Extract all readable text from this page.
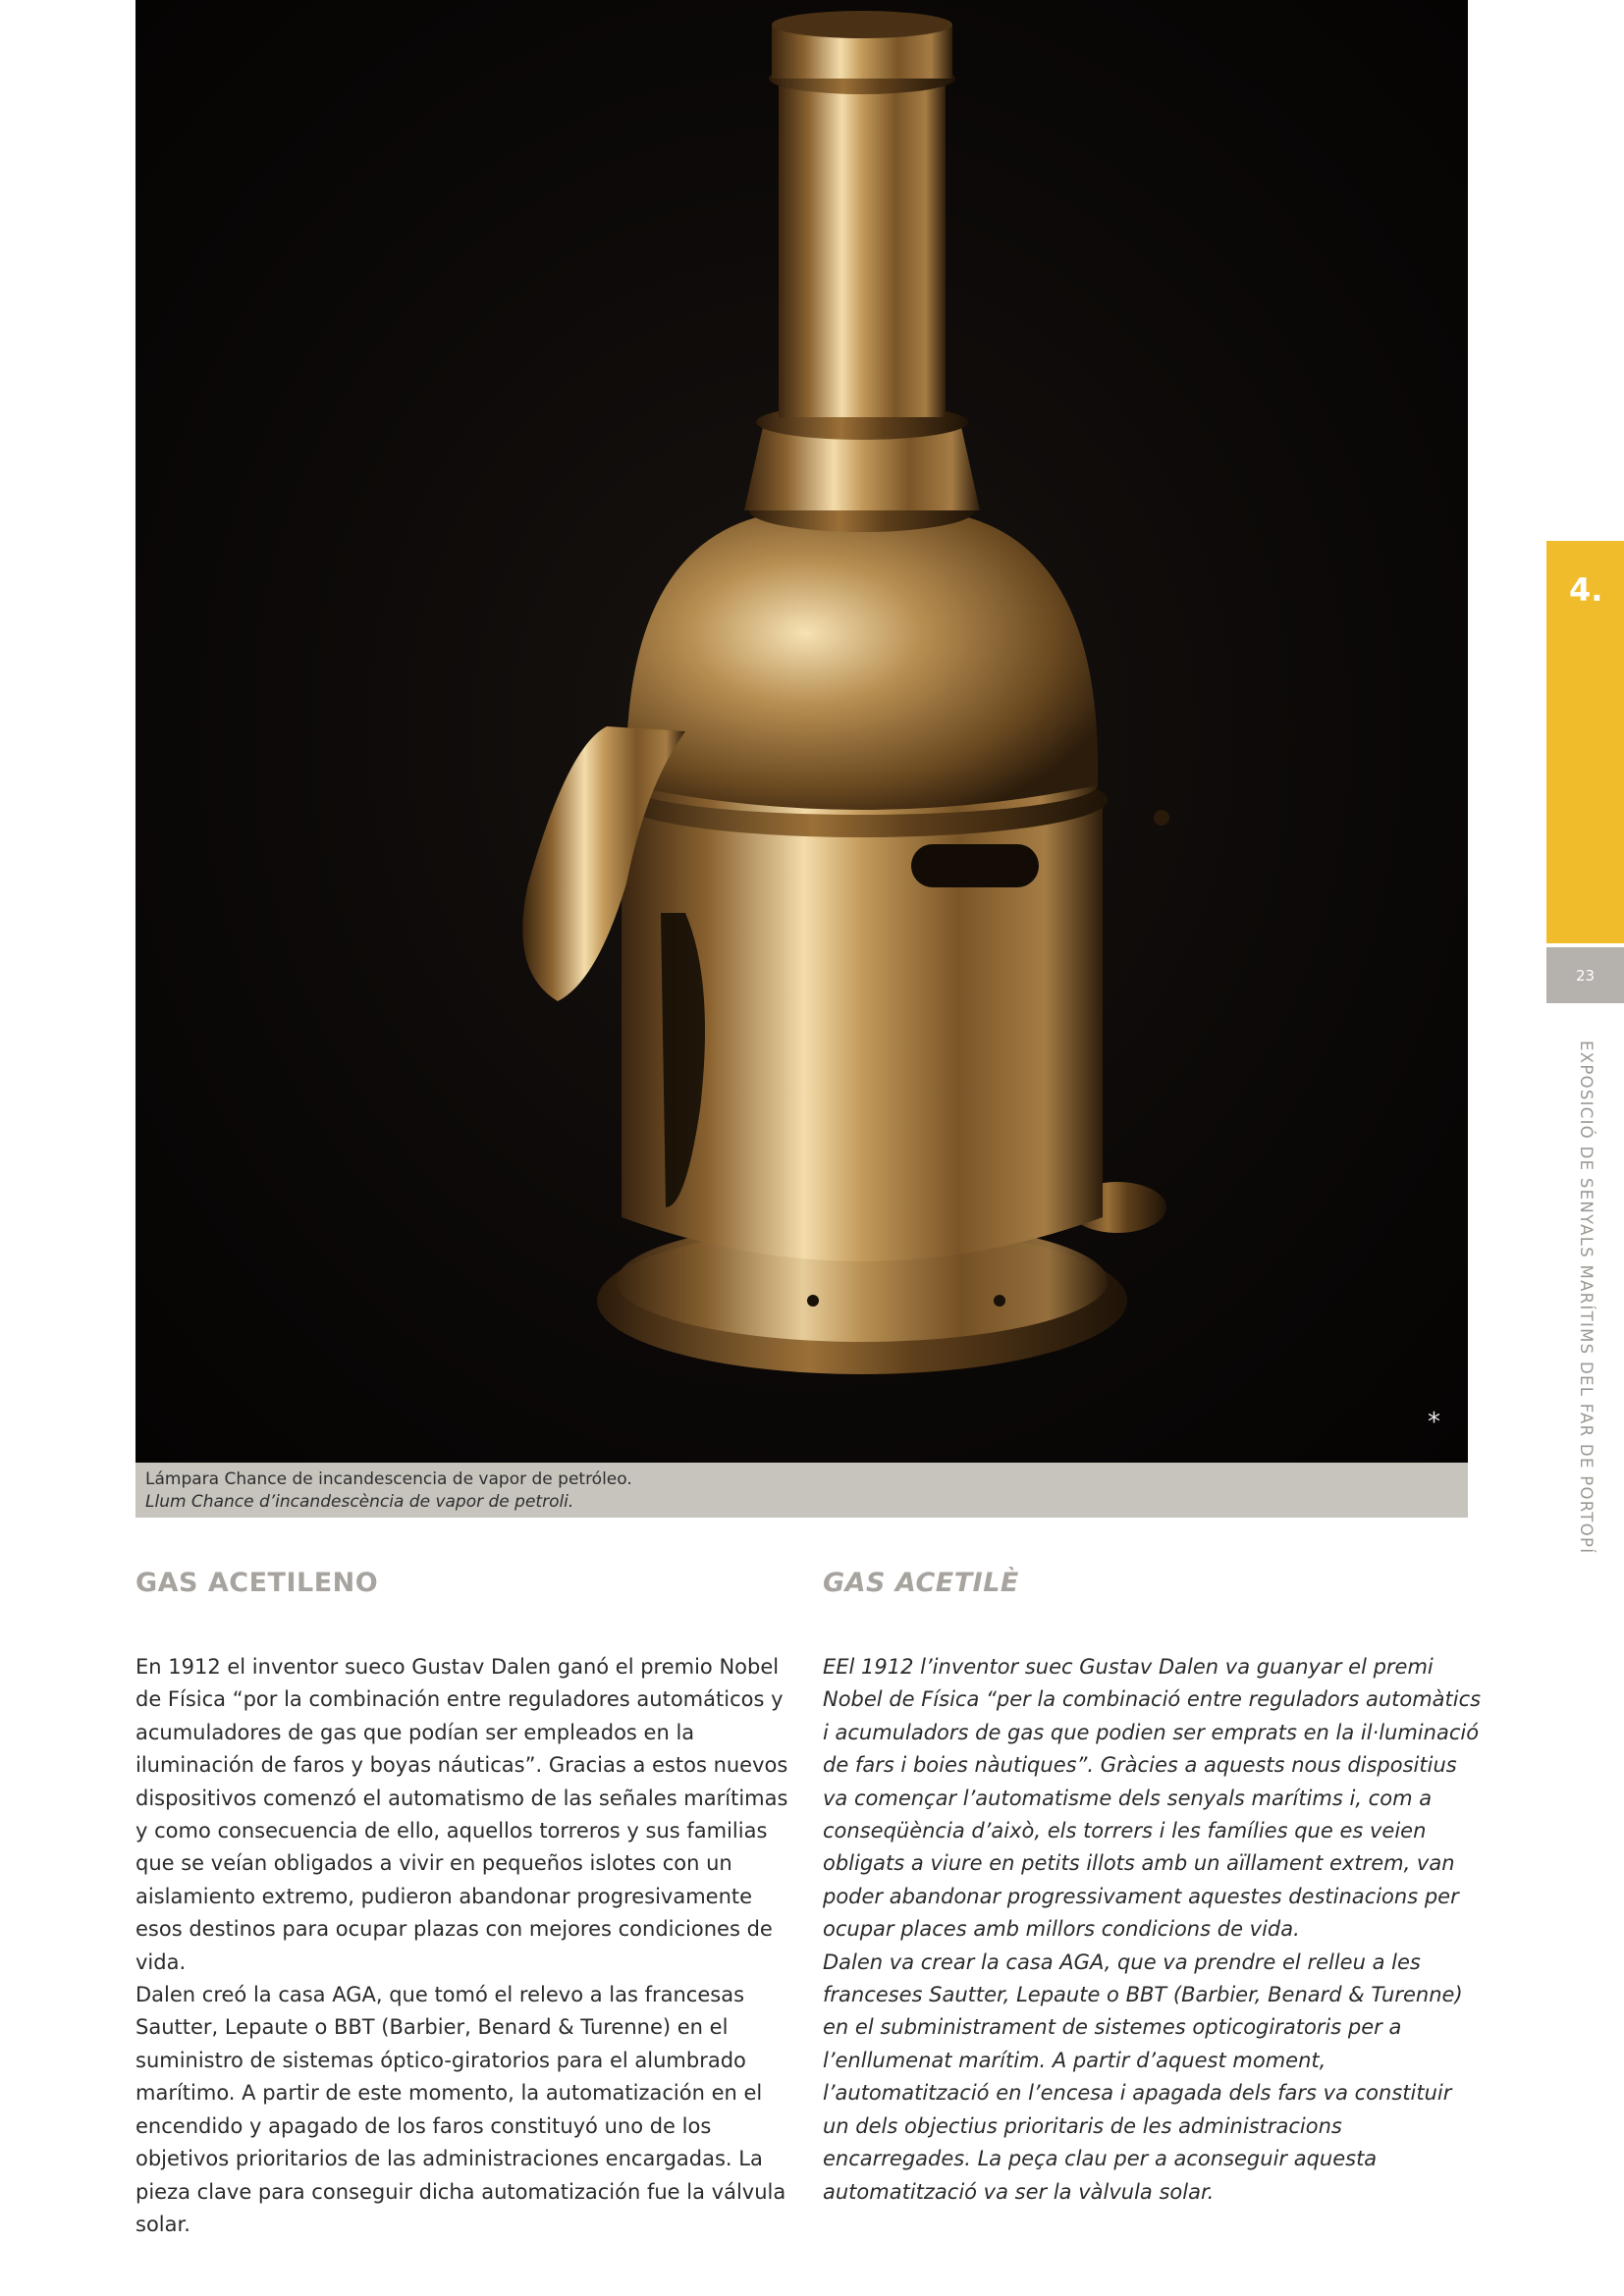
*
Lámpara Chance de incandescencia de vapor de petróleo.
Llum Chance d’incandescència de vapor de petroli.
GAS ACETILENO

En 1912 el inventor sueco Gustav Dalen ganó el premio Nobel de Física “por la combinación entre reguladores automáticos y acumuladores de gas que podían ser empleados en la iluminación de faros y boyas náuticas”. Gracias a estos nuevos dispositivos comenzó el automatismo de las señales marítimas y como consecuencia de ello, aquellos torreros y sus familias que se veían obligados a vivir en pequeños islotes con un aislamiento extremo, pudieron abandonar progresivamente esos destinos para ocupar plazas con mejores condiciones de vida.

Dalen creó la casa AGA, que tomó el relevo a las francesas Sautter, Lepaute o BBT (Barbier, Benard & Turenne) en el suministro de sistemas óptico-giratorios para el alumbrado marítimo. A partir de este momento, la automatización en el encendido y apagado de los faros constituyó uno de los objetivos prioritarios de las administraciones encargadas. La pieza clave para conseguir dicha automatización fue la válvula solar.

GAS ACETILÈ

EEl 1912 l’inventor suec Gustav Dalen va guanyar el premi Nobel de Física “per la combinació entre reguladors automàtics i acumuladors de gas que podien ser emprats en la il·luminació de fars i boies nàutiques”. Gràcies a aquests nous dispositius va començar l’automatisme dels senyals marítims i, com a conseqüència d’això, els torrers i les famílies que es veien obligats a viure en petits illots amb un aïllament extrem, van poder abandonar progressivament aquestes destinacions per ocupar places amb millors condicions de vida.

Dalen va crear la casa AGA, que va prendre el relleu a les franceses Sautter, Lepaute o BBT (Barbier, Benard & Turenne) en el subministrament de sistemes opticogiratoris per a l’enllumenat marítim. A partir d’aquest moment, l’automatització en l’encesa i apagada dels fars va constituir un dels objectius prioritaris de les administracions encarregades. La peça clau per a aconseguir aquesta automatització va ser la vàlvula solar.

4.
23
EXPOSICIÓ DE SENYALS MARÍTIMS DEL FAR DE PORTOPÍ
